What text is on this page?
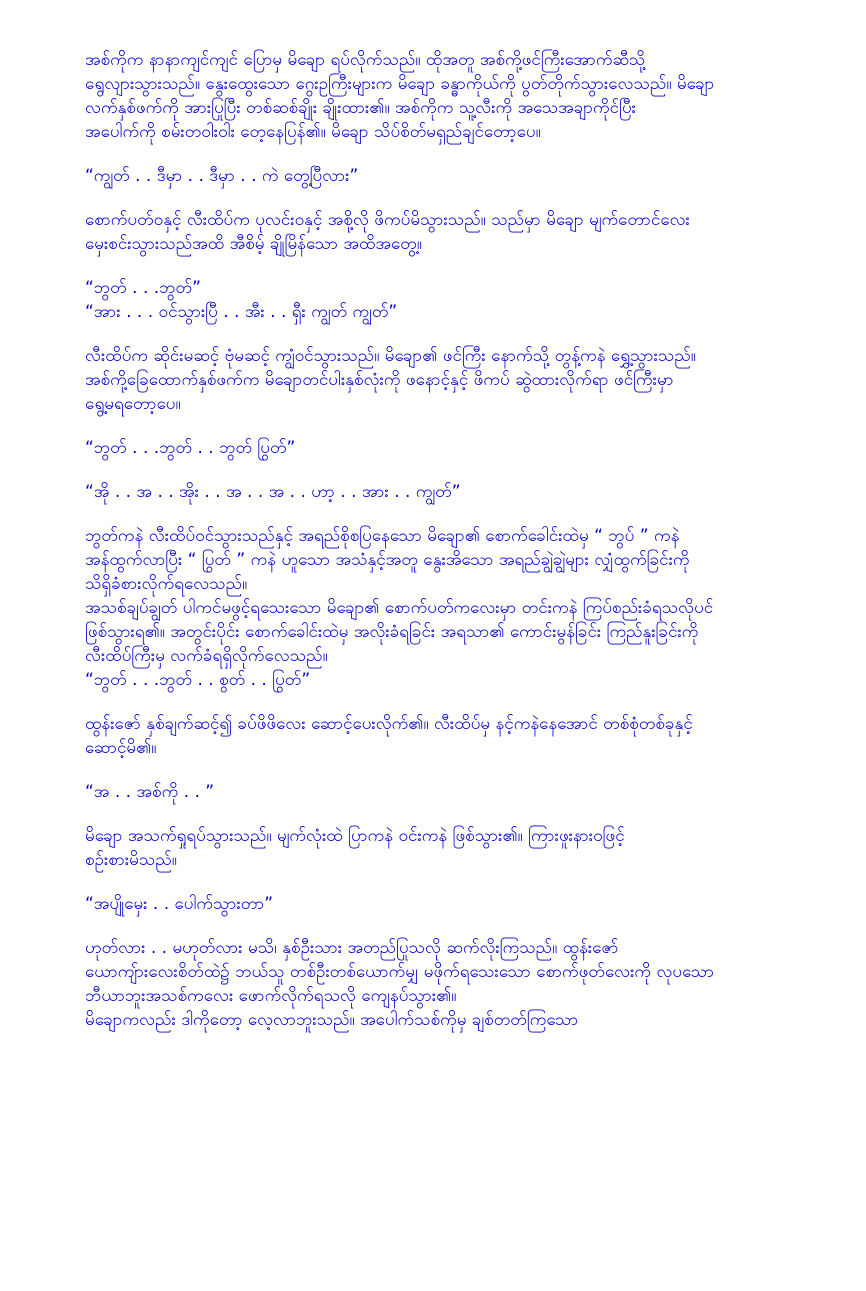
အစ်ကိုက နာနာကျင်ကျင် ပြောမှ မိချော ရပ်လိုက်သည်။ ထိုအတူ အစ်ကို့ဖင်ကြီးအောက်ဆီသို့
ရွေလျားသွားသည်။ နွေးထွေးသော ဂွေးဥကြီးများက မိချော ခန္ဓာကိုယ်ကို ပွတ်တိုက်သွားလေသည်။ မိချော
လက်နှစ်ဖက်ကို အားပြုပြီး တစ်ဆစ်ချိုး ချိုးထား၏။ အစ်ကိုက သူ့လီးကို အသေအချာကိုင်ပြီး
အပေါက်ကို စမ်းတဝါးဝါး တေ့နေပြန်၏။ မိချော သိပ်စိတ်မရှည်ချင်တော့ပေ။
“ကျွတ် . . ဒီမှာ . . ဒီမှာ . . ကဲ တွေ့ပြီလား”
စောက်ပတ်ဝနှင့် လီးထိပ်က ပုလင်းဝနှင့် အစို့လို ဖိကပ်မိသွားသည်။ သည်မှာ မိချော မျက်တောင်လေး
မှေးစင်းသွားသည်အထိ အီစိမ့် ချိုမြိန်သော အထိအတွေ့။
“ဘွတ် . . .ဘွတ်”
“အား . . . ဝင်သွားပြီ . . အီး . . ရှီး ကျွတ် ကျွတ်”
လီးထိပ်က ဆိုင်းမဆင့် ဗုံမဆင့် ကျွံဝင်သွားသည်။ မိချော၏ ဖင်ကြီး နောက်သို့ တွန့်ကနဲ ရွှေ့သွားသည်။
အစ်ကို့ခြေထောက်နှစ်ဖက်က မိချောတင်ပါးနှစ်လုံးကို ဖနောင့်နှင့် ဖိကပ် ဆွဲထားလိုက်ရာ ဖင်ကြီးမှာ
ရွေ့မရတော့ပေ။
“ဘွတ် . . .ဘွတ် . . ဘွတ် ပြွတ်”
“အို . . အ . . အိုး . . အ . . အ . . ဟာ့ . . အား . . ကျွတ်”
ဘွတ်ကနဲ လီးထိပ်ဝင်သွားသည်နှင့် အရည်စိုစပြနေသော မိချော၏ စောက်ခေါင်းထဲမှ “ ဘွပ် ” ကနဲ
အန်ထွက်လာပြီး “ ပြွတ် ” ကနဲ ဟူသော အသံနှင့်အတူ နွေးအိသော အရည်ချွဲချွဲများ လျှံထွက်ခြင်းကို
သိရှိခံစားလိုက်ရလေသည်။
အသစ်ချပ်ချွတ် ပါကင်မဖွင့်ရသေးသော မိချော၏ စောက်ပတ်ကလေးမှာ တင်းကနဲ ကြပ်စည်းခံရသလိုပင်
ဖြစ်သွားရ၏။ အတွင်းပိုင်း စောက်ခေါင်းထဲမှ အလိုးခံရခြင်း အရသာ၏ ကောင်းမွန်ခြင်း ကြည်နူးခြင်းကို
လီးထိပ်ကြီးမှ လက်ခံရရှိလိုက်လေသည်။
“ဘွတ် . . .ဘွတ် . . စွတ် . . ပြွတ်”
ထွန်းဇော် နှစ်ချက်ဆင့်၍ ခပ်ဖိဖိလေး ဆောင့်ပေးလိုက်၏။ လီးထိပ်မှ နင့်ကနဲနေအောင် တစ်စုံတစ်ခုနှင့်
ဆောင့်မိ၏။
“အ . . အစ်ကို . . ”
မိချော အသက်ရှုရပ်သွားသည်။ မျက်လုံးထဲ ပြာကနဲ ဝင်းကနဲ ဖြစ်သွား၏။ ကြားဖူးနားဝဖြင့်
စဉ်းစားမိသည်။
“အပျိုမှေး . . ပေါက်သွားတာ”
ဟုတ်လား . . မဟုတ်လား မသိ၊ နှစ်ဦးသား အတည်ပြုသလို ဆက်လိုးကြသည်။ ထွန်းဇော်
ယောကျ်ားလေးစိတ်ထဲ၌ ဘယ်သူ တစ်ဦးတစ်ယောက်မျှ မဖိုက်ရသေးသော စောက်ဖုတ်လေးကို လုပသော
ဘီယာဘူးအသစ်ကလေး ဖောက်လိုက်ရသလို ကျေနပ်သွား၏။
မိချောကလည်း ဒါကိုတော့ လေ့လာဘူးသည်။ အပေါက်သစ်ကိုမှ ချစ်တတ်ကြသော
